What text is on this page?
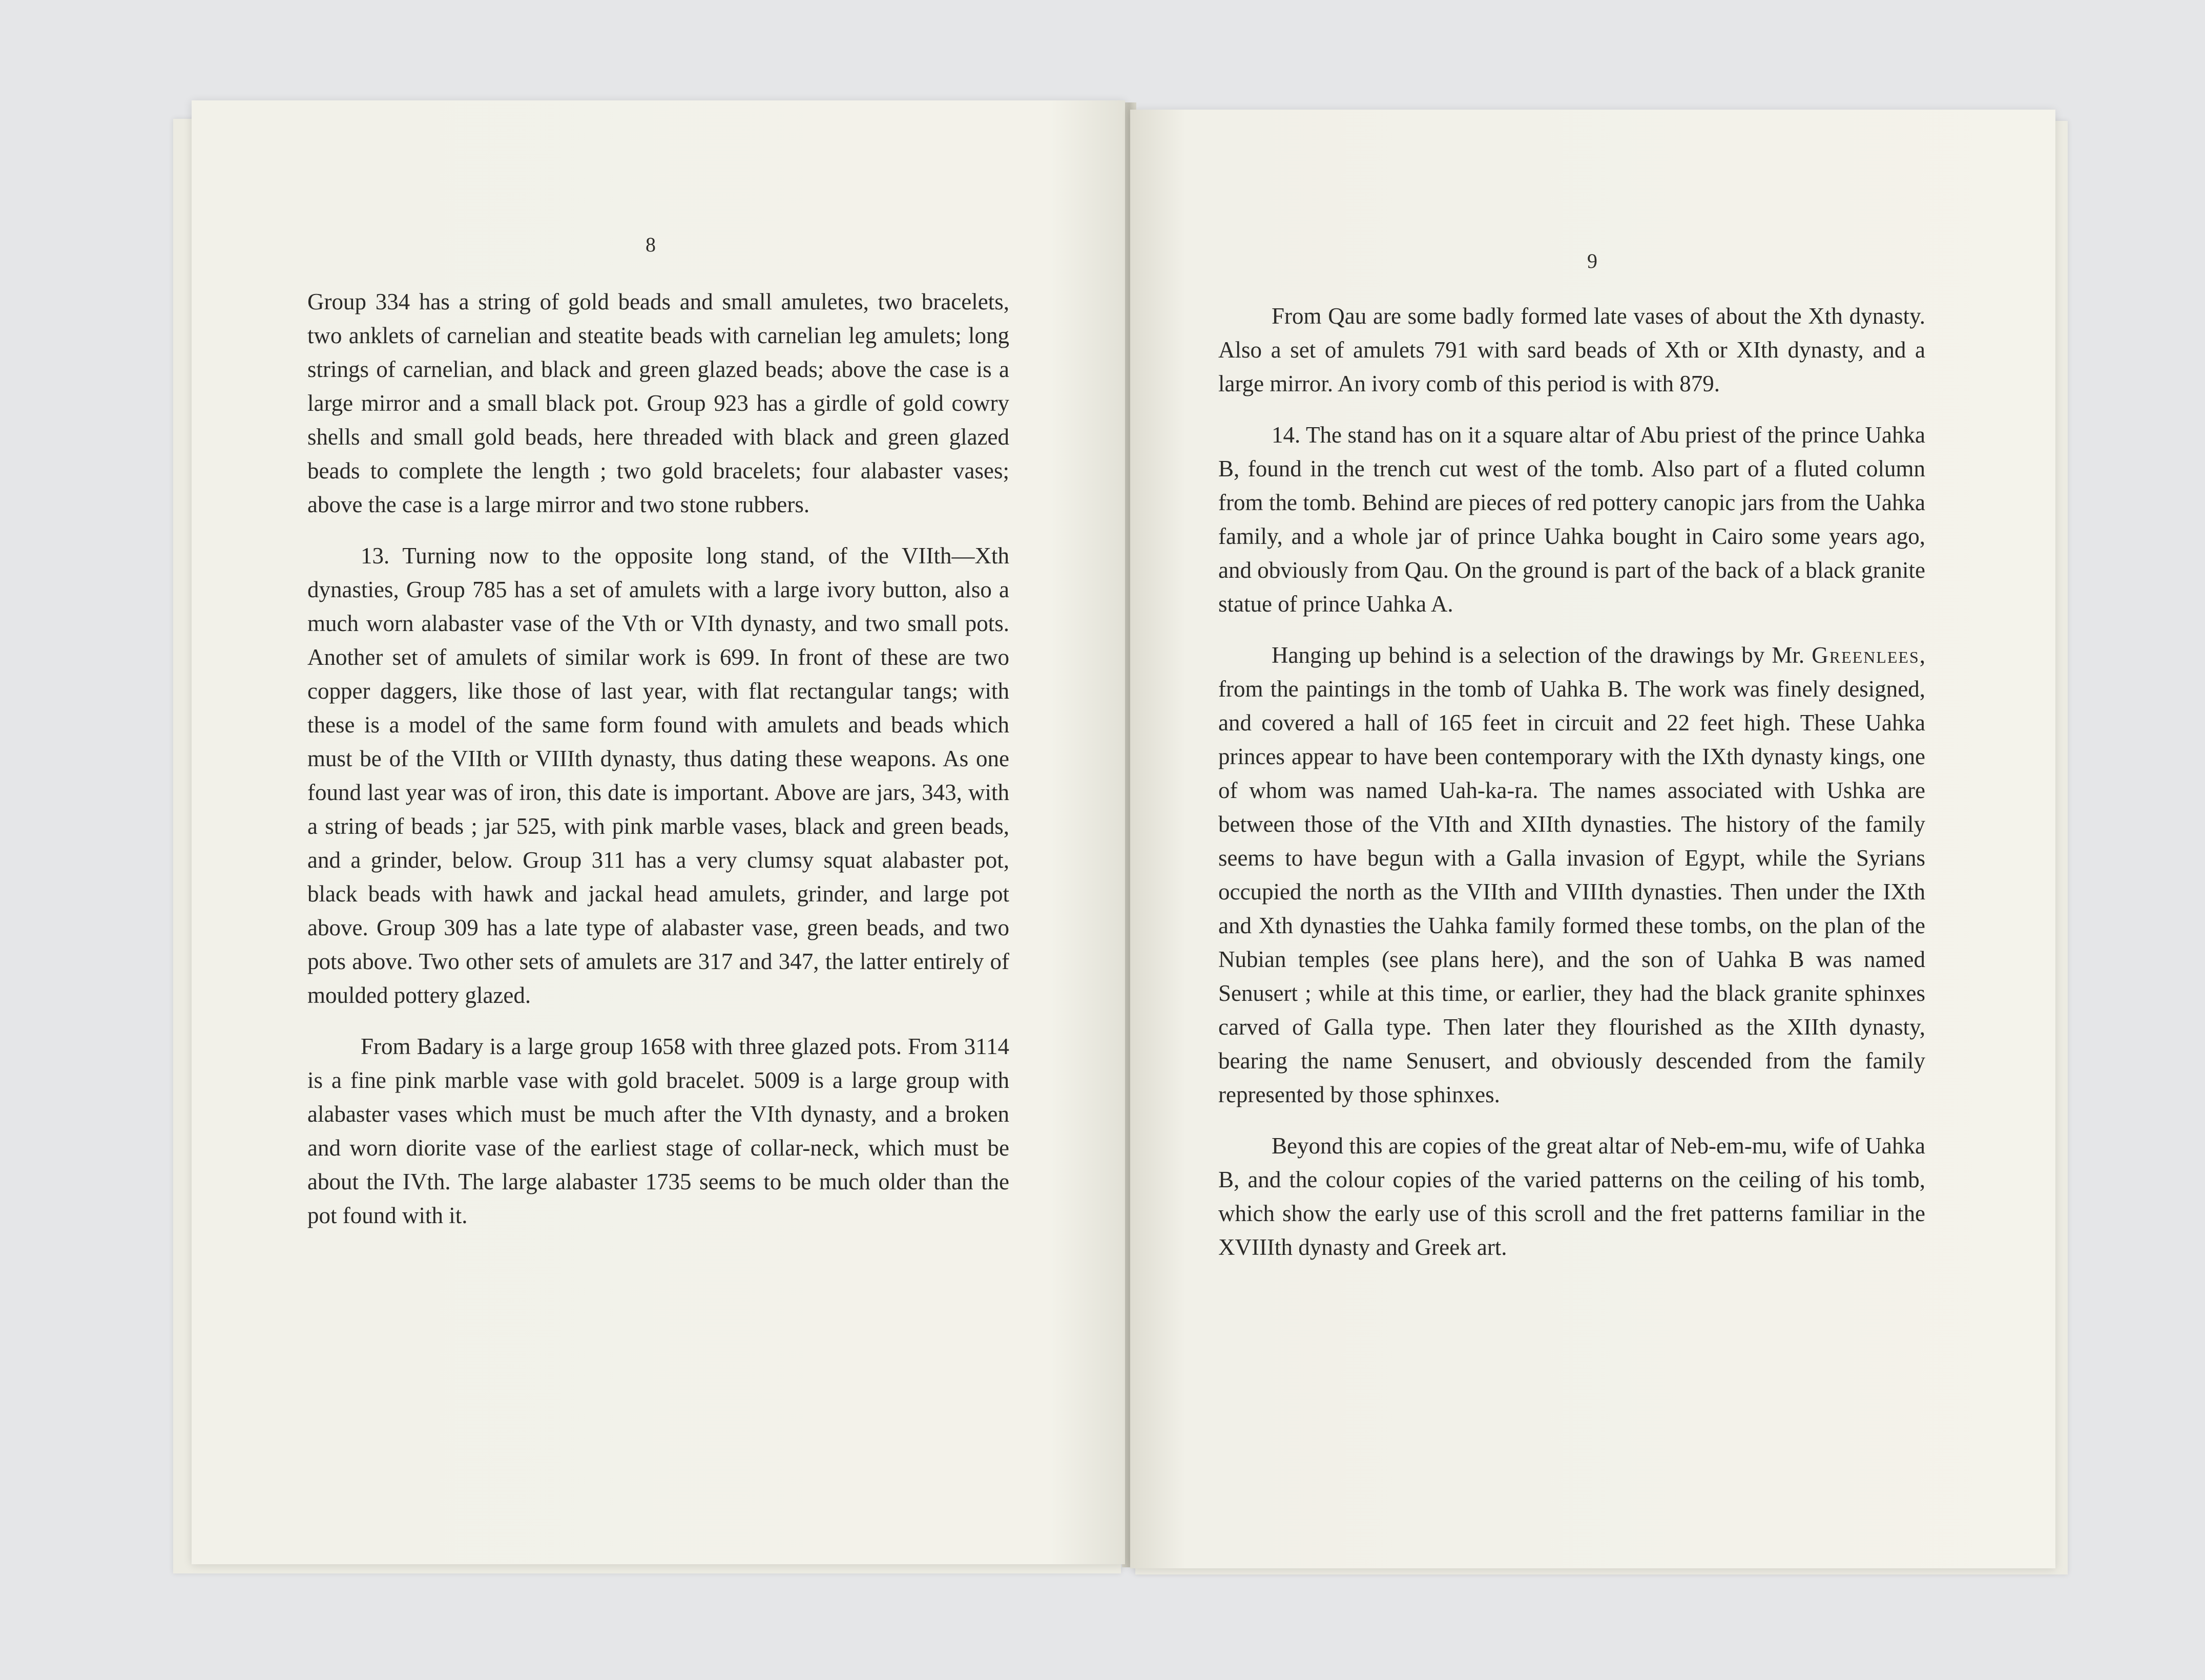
8

Group 334 has a string of gold beads and small amuletes, two bracelets, two anklets of carnelian and steatite beads with carnelian leg amulets; long strings of carnelian, and black and green glazed beads; above the case is a large mirror and a small black pot. Group 923 has a girdle of gold cowry shells and small gold beads, here threaded with black and green glazed beads to complete the length ; two gold bracelets; four alabaster vases; above the case is a large mirror and two stone rubbers.

13. Turning now to the opposite long stand, of the VIIth—Xth dynasties, Group 785 has a set of amulets with a large ivory button, also a much worn alabaster vase of the Vth or VIth dynasty, and two small pots. Another set of amulets of similar work is 699. In front of these are two copper daggers, like those of last year, with flat rectangular tangs; with these is a model of the same form found with amulets and beads which must be of the VIIth or VIIIth dynasty, thus dating these weapons. As one found last year was of iron, this date is important. Above are jars, 343, with a string of beads ; jar 525, with pink marble vases, black and green beads, and a grinder, below. Group 311 has a very clumsy squat alabaster pot, black beads with hawk and jackal head amulets, grinder, and large pot above. Group 309 has a late type of alabaster vase, green beads, and two pots above. Two other sets of amulets are 317 and 347, the latter entirely of moulded pottery glazed.

From Badary is a large group 1658 with three glazed pots. From 3114 is a fine pink marble vase with gold bracelet. 5009 is a large group with alabaster vases which must be much after the VIth dynasty, and a broken and worn diorite vase of the earliest stage of collar-neck, which must be about the IVth. The large alabaster 1735 seems to be much older than the pot found with it.

9

From Qau are some badly formed late vases of about the Xth dynasty. Also a set of amulets 791 with sard beads of Xth or XIth dynasty, and a large mirror. An ivory comb of this period is with 879.

14. The stand has on it a square altar of Abu priest of the prince Uahka B, found in the trench cut west of the tomb. Also part of a fluted column from the tomb. Behind are pieces of red pottery canopic jars from the Uahka family, and a whole jar of prince Uahka bought in Cairo some years ago, and obviously from Qau. On the ground is part of the back of a black granite statue of prince Uahka A.

Hanging up behind is a selection of the drawings by Mr. Greenlees, from the paintings in the tomb of Uahka B. The work was finely designed, and covered a hall of 165 feet in circuit and 22 feet high. These Uahka princes appear to have been contemporary with the IXth dynasty kings, one of whom was named Uah-ka-ra. The names associated with Ushka are between those of the VIth and XIIth dynasties. The history of the family seems to have begun with a Galla invasion of Egypt, while the Syrians occupied the north as the VIIth and VIIIth dynasties. Then under the IXth and Xth dynasties the Uahka family formed these tombs, on the plan of the Nubian temples (see plans here), and the son of Uahka B was named Senusert ; while at this time, or earlier, they had the black granite sphinxes carved of Galla type. Then later they flourished as the XIIth dynasty, bearing the name Senusert, and obviously descended from the family represented by those sphinxes.

Beyond this are copies of the great altar of Neb-em-mu, wife of Uahka B, and the colour copies of the varied patterns on the ceiling of his tomb, which show the early use of this scroll and the fret patterns familiar in the XVIIIth dynasty and Greek art.
